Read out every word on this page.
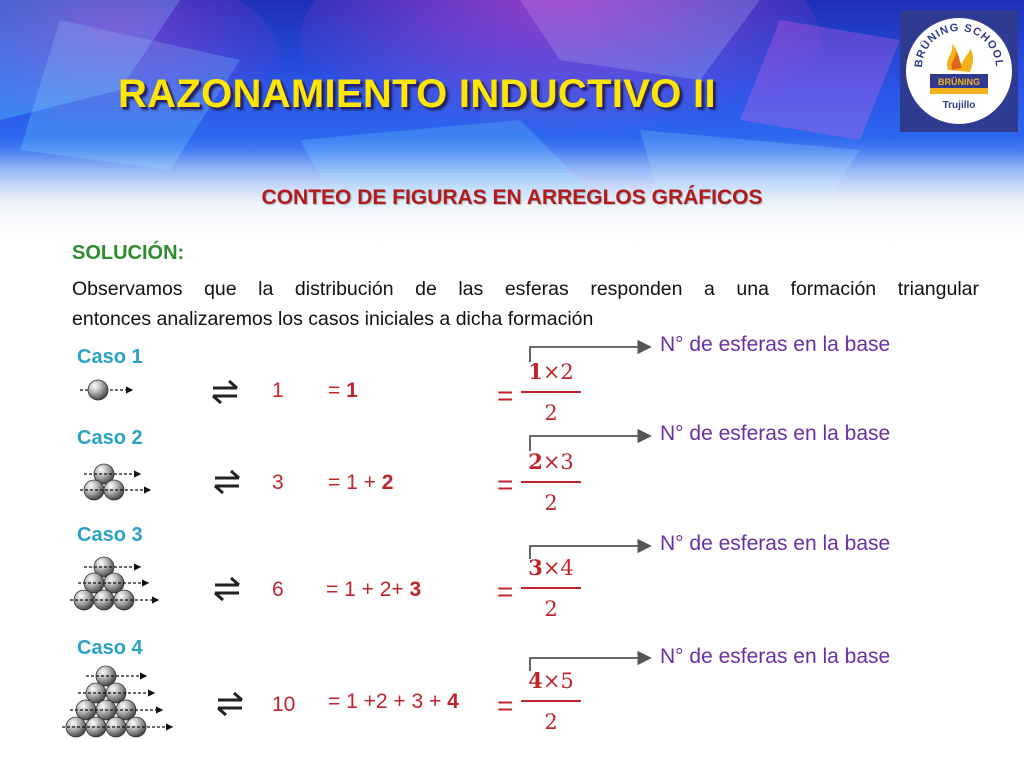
RAZONAMIENTO INDUCTIVO II
BRÜNING SCHOOL
BRÜNING
Trujillo
CONTEO DE FIGURAS EN ARREGLOS GRÁFICOS
SOLUCIÓN:
Observamos que la distribución de las esferas responden a una formación triangular
entonces analizaremos los casos iniciales a dicha formación
Caso 1
Caso 2
Caso 3
Caso 4
1
3
6
10
= 1
= 1 + 2
= 1 + 2+ 3
= 1 +2 + 3 + 4
=
=
=
=
1×2
2
2×3
2
3×4
2
4×5
2
N° de esferas en la base
N° de esferas en la base
N° de esferas en la base
N° de esferas en la base
